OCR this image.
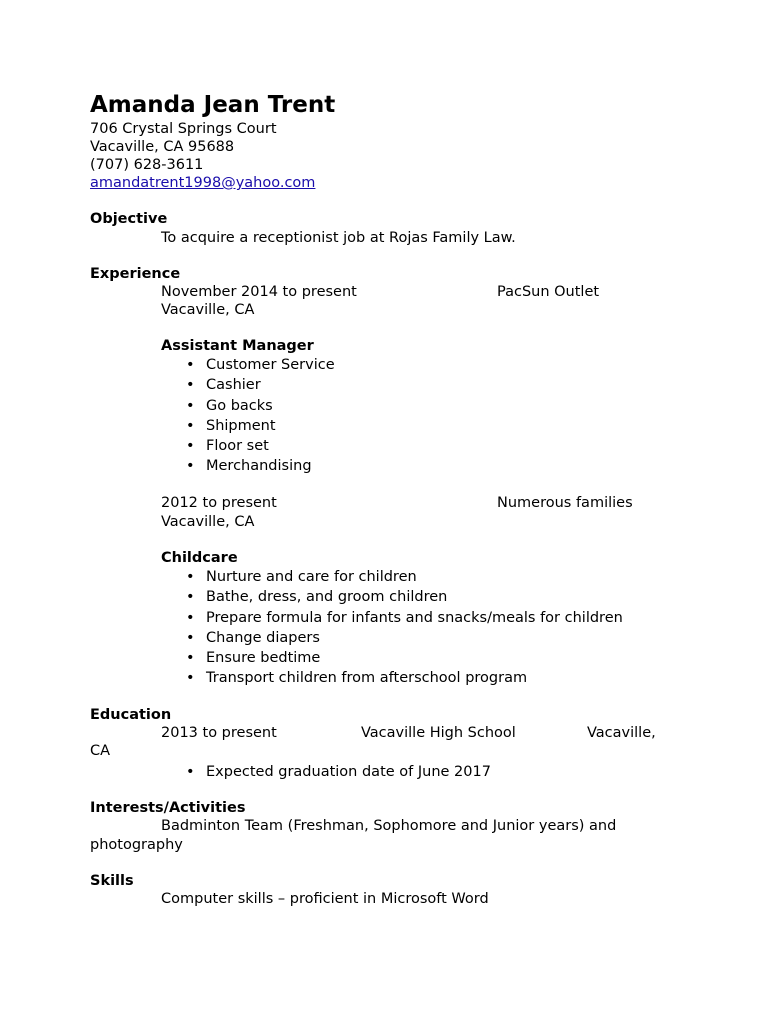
Amanda Jean Trent
706 Crystal Springs Court
Vacaville, CA 95688
(707) 628-3611
amandatrent1998@yahoo.com
Objective
To acquire a receptionist job at Rojas Family Law.
Experience
November 2014 to present	PacSun Outlet
Vacaville, CA
Assistant Manager
• Customer Service
• Cashier
• Go backs
• Shipment
• Floor set
• Merchandising
2012 to present	Numerous families
Vacaville, CA
Childcare
• Nurture and care for children
• Bathe, dress, and groom children
• Prepare formula for infants and snacks/meals for children
• Change diapers
• Ensure bedtime
• Transport children from afterschool program
Education
2013 to present	Vacaville High School	Vacaville,
CA
• Expected graduation date of June 2017
Interests/Activities
Badminton Team (Freshman, Sophomore and Junior years) and
photography
Skills
Computer skills – proficient in Microsoft Word
